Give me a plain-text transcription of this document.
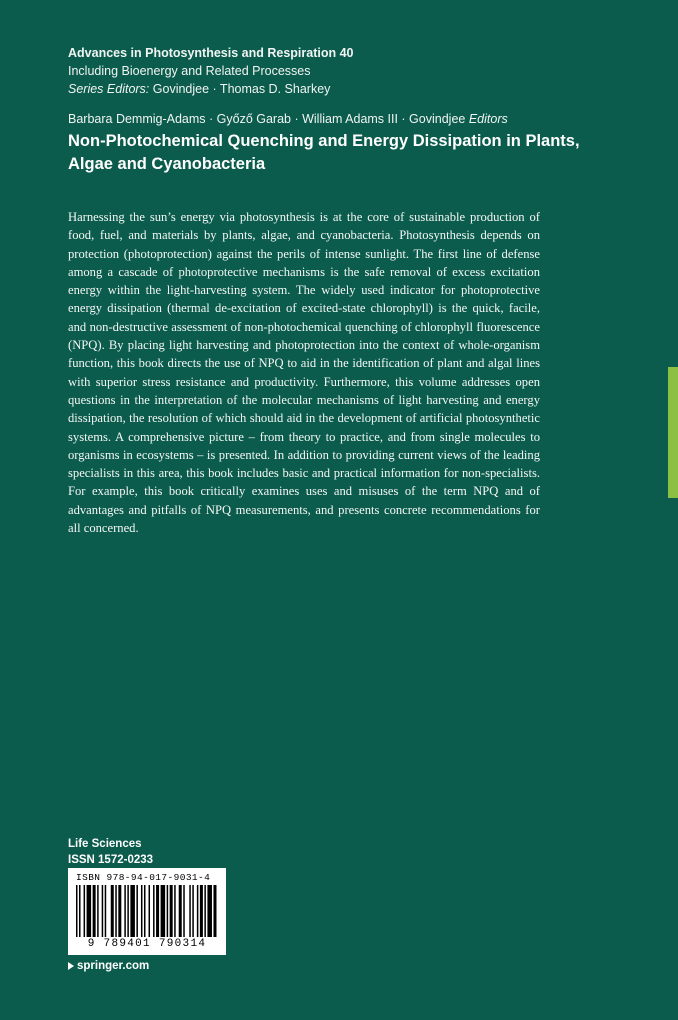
Advances in Photosynthesis and Respiration 40
Including Bioenergy and Related Processes
Series Editors: Govindjee · Thomas D. Sharkey
Barbara Demmig-Adams · Győző Garab · William Adams III · Govindjee Editors
Non-Photochemical Quenching and Energy Dissipation in Plants, Algae and Cyanobacteria

Harnessing the sun’s energy via photosynthesis is at the core of sustainable production of food, fuel, and materials by plants, algae, and cyanobacteria. Photosynthesis depends on protection (photoprotection) against the perils of intense sunlight. The first line of defense among a cascade of photoprotective mechanisms is the safe removal of excess excitation energy within the light-harvesting system. The widely used indicator for photoprotective energy dissipation (thermal de-excitation of excited-state chlorophyll) is the quick, facile, and non-destructive assessment of non-photochemical quenching of chlorophyll fluorescence (NPQ). By placing light harvesting and photoprotection into the context of whole-organism function, this book directs the use of NPQ to aid in the identification of plant and algal lines with superior stress resistance and productivity. Furthermore, this volume addresses open questions in the interpretation of the molecular mechanisms of light harvesting and energy dissipation, the resolution of which should aid in the development of artificial photosynthetic systems. A comprehensive picture – from theory to practice, and from single molecules to organisms in ecosystems – is presented. In addition to providing current views of the leading specialists in this area, this book includes basic and practical information for non-specialists. For example, this book critically examines uses and misuses of the term NPQ and of advantages and pitfalls of NPQ measurements, and presents concrete recommendations for all concerned.

Life Sciences
ISSN 1572-0233
ISBN 978-94-017-9031-4
9 789401 790314
springer.com
